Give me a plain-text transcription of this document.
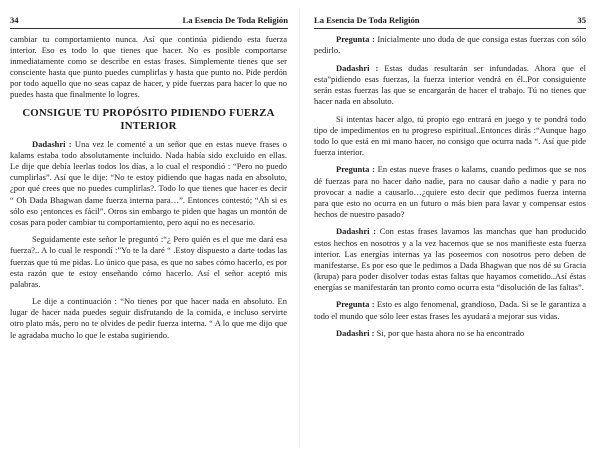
34	La Esencia De Toda Religión

cambiar tu comportamiento nunca. Así que continúa pidiendo esta fuerza interior. Eso es todo lo que tienes que hacer. No es posible comportarse inmediatamente como se describe en estas frases. Simplemente tienes que ser consciente hasta que punto puedes cumplirlas y hasta que punto no. Pide perdón por todo aquello que no seas capaz de hacer, y pide fuerzas para hacer lo que no puedes hasta que finalmente lo logres.

CONSIGUE TU PROPÓSITO PIDIENDO FUERZA INTERIOR

Dadashri : Una vez le comenté a un señor que en estas nueve frases o kalams estaba todo absolutamente incluido. Nada había sido excluido en ellas. Le dije que debía leerlas todos los días, a lo cual el respondió : “Pero no puedo cumplirlas”. Así que le dije: “No te estoy pidiendo que hagas nada en absoluto, ¿por qué crees que no puedes cumplirlas?. Todo lo que tienes que hacer es decir “ Oh Dada Bhagwan dame fuerza interna para…”. Entonces contestó; “Ah si es sólo eso ¡entonces es fácil”. Otros sin embargo te piden que hagas un montón de cosas para poder cambiar tu comportamiento, pero aquí no es necesario.

Seguidamente este señor le preguntó :“¿ Pero quién es el que me dará esa fuerza?.. A lo cual le respondí :”Yo te la daré “ .Estoy dispuesto a darte todas las fuerzas que tú me pidas. Lo único que pasa, es que no sabes cómo hacerlo, es por esta razón que te estoy enseñando cómo hacerlo. Así el señor aceptó mis palabras.

Le dije a continuación : “No tienes por que hacer nada en absoluto. En lugar de hacer nada puedes seguir disfrutando de la comida, e incluso servirte otro plato más, pero no te olvides de pedir fuerza interna. “ A lo que me dijo que le agradaba mucho lo que le estaba sugiriendo.

La Esencia De Toda Religión	35

Pregunta : Inicialmente uno duda de que consiga estas fuerzas con sólo pedirlo.

Dadashri : Estas dudas resultarán ser infundadas. Ahora que el esta”pidiendo esas fuerzas, la fuerza interior vendrá en él..Por consiguiente serán estas fuerzas las que se encargarán de hacer el trabajo. Tú no tienes que hacer nada en absoluto.

Si intentas hacer algo, tú propio ego entrará en juego y te pondrá todo tipo de impedimentos en tu progreso espiritual..Entonces dirás :“Aunque hago todo lo que está en mi mano hacer, no consigo que ocurra nada “. Así que pide fuerza interior.

Pregunta : En estas nueve frases o kalams, cuando pedimos que se nos dé fuerzas para no hacer daño nadie, para no causar daño a nadie y para no provocar a nadie a causarlo…¿quiere esto decir que pedimos fuerza interna para que esto no ocurra en un futuro o más bien para lavar y compensar estos hechos de nuestro pasado?

Dadashri : Con estas frases lavamos las manchas que han producido estos hechos en nosotros y a la vez hacemos que se nos manifieste esta fuerza interior. Las energías internas ya las poseemos con nosotros pero deben de manifestarse. Es por eso que le pedimos a Dada Bhagwan que nos dé su Gracia (krupa) para poder disolver todas estas faltas que hayamos cometido..Así éstas energías se manifestarán tan pronto como ocurra esta “disolución de las faltas”.

Pregunta : Esto es algo fenomenal, grandioso, Dada. Si se le garantiza a todo el mundo que sólo leer estas frases les ayudará a mejorar sus vidas.

Dadashri : Si, por que hasta ahora no se ha encontrado
